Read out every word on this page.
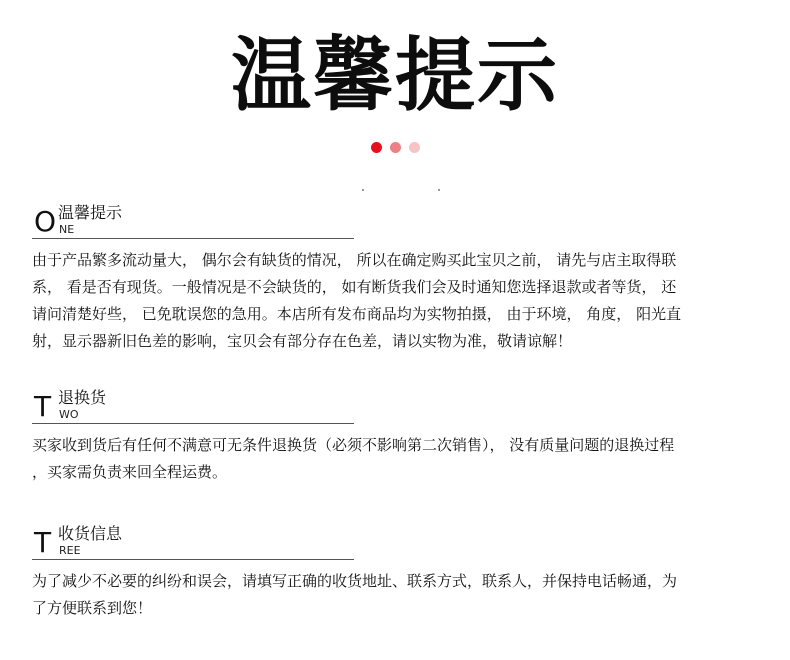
温馨提示

O 温馨提示
NE
由于产品繁多流动量大， 偶尔会有缺货的情况， 所以在确定购买此宝贝之前， 请先与店主取得联
系， 看是否有现货。一般情况是不会缺货的， 如有断货我们会及时通知您选择退款或者等货， 还
请问清楚好些， 已免耽误您的急用。本店所有发布商品均为实物拍摄， 由于环境， 角度， 阳光直
射，显示器新旧色差的影响，宝贝会有部分存在色差，请以实物为准，敬请谅解！
T 退换货
WO
买家收到货后有任何不满意可无条件退换货（必须不影响第二次销售）， 没有质量问题的退换过程
，买家需负责来回全程运费。
T 收货信息
REE
为了减少不必要的纠纷和误会，请填写正确的收货地址、联系方式，联系人，并保持电话畅通，为
了方便联系到您！
